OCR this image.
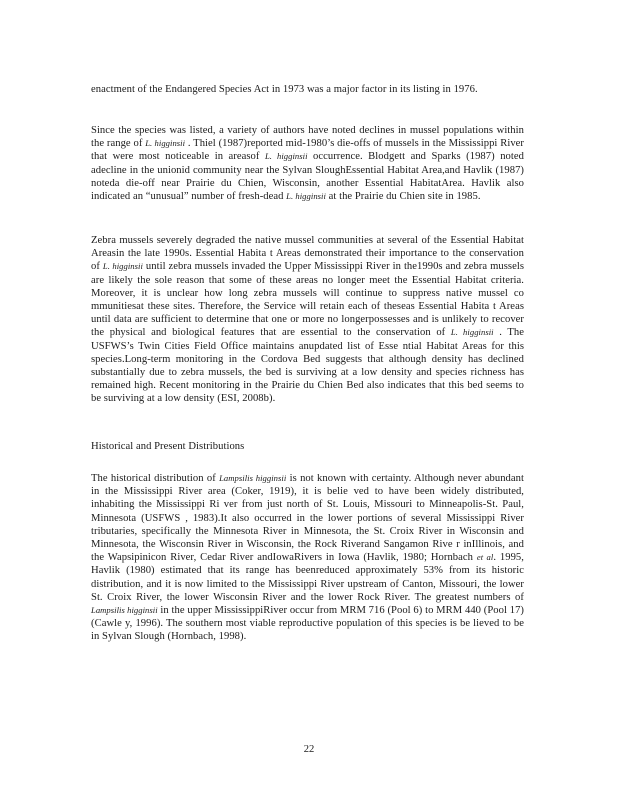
enactment of the Endangered Species Act in 1973 was a major factor in its listing in 1976.

Since the species was listed, a variety of authors have noted declines in mussel populations within the range of L. higginsii . Thiel (1987)reported mid-1980’s die-offs of mussels in the Mississippi River that were most noticeable in areasof L. higginsii occurrence. Blodgett and Sparks (1987) noted adecline in the unionid community near the Sylvan SloughEssential Habitat Area,and Havlik (1987) noteda die-off near Prairie du Chien, Wisconsin, another Essential HabitatArea. Havlik also indicated an “unusual” number of fresh-dead L. higginsii at the Prairie du Chien site in 1985.

Zebra mussels severely degraded the native mussel communities at several of the Essential Habitat Areasin the late 1990s. Essential Habita t Areas demonstrated their importance to the conservation of L. higginsii until zebra mussels invaded the Upper Mississippi River in the1990s and zebra mussels are likely the sole reason that some of these areas no longer meet the Essential Habitat criteria. Moreover, it is unclear how long zebra mussels will continue to suppress native mussel co mmunitiesat these sites. Therefore, the Service will retain each of theseas Essential Habita t Areas until data are sufficient to determine that one or more no longerpossesses and is unlikely to recover the physical and biological features that are essential to the conservation of L. higginsii . The USFWS’s Twin Cities Field Office maintains anupdated list of Esse ntial Habitat Areas for this species.Long-term monitoring in the Cordova Bed suggests that although density has declined substantially due to zebra mussels, the bed is surviving at a low density and species richness has remained high. Recent monitoring in the Prairie du Chien Bed also indicates that this bed seems to be surviving at a low density (ESI, 2008b).

Historical and Present Distributions

The historical distribution of Lampsilis higginsii is not known with certainty. Although never abundant in the Mississippi River area (Coker, 1919), it is belie ved to have been widely distributed, inhabiting the Mississippi Ri ver from just north of St. Louis, Missouri to Minneapolis-St. Paul, Minnesota (USFWS , 1983).It also occurred in the lower portions of several Mississippi River tributaries, specifically the Minnesota River in Minnesota, the St. Croix River in Wisconsin and Minnesota, the Wisconsin River in Wisconsin, the Rock Riverand Sangamon Rive r inIllinois, and the Wapsipinicon River, Cedar River andIowaRivers in Iowa (Havlik, 1980; Hornbach et al. 1995, Havlik (1980) estimated that its range has beenreduced approximately 53% from its historic distribution, and it is now limited to the Mississippi River upstream of Canton, Missouri, the lower St. Croix River, the lower Wisconsin River and the lower Rock River. The greatest numbers of Lampsilis higginsii in the upper MississippiRiver occur from MRM 716 (Pool 6) to MRM 440 (Pool 17) (Cawle y, 1996). The southern most viable reproductive population of this species is be lieved to be in Sylvan Slough (Hornbach, 1998).

22
